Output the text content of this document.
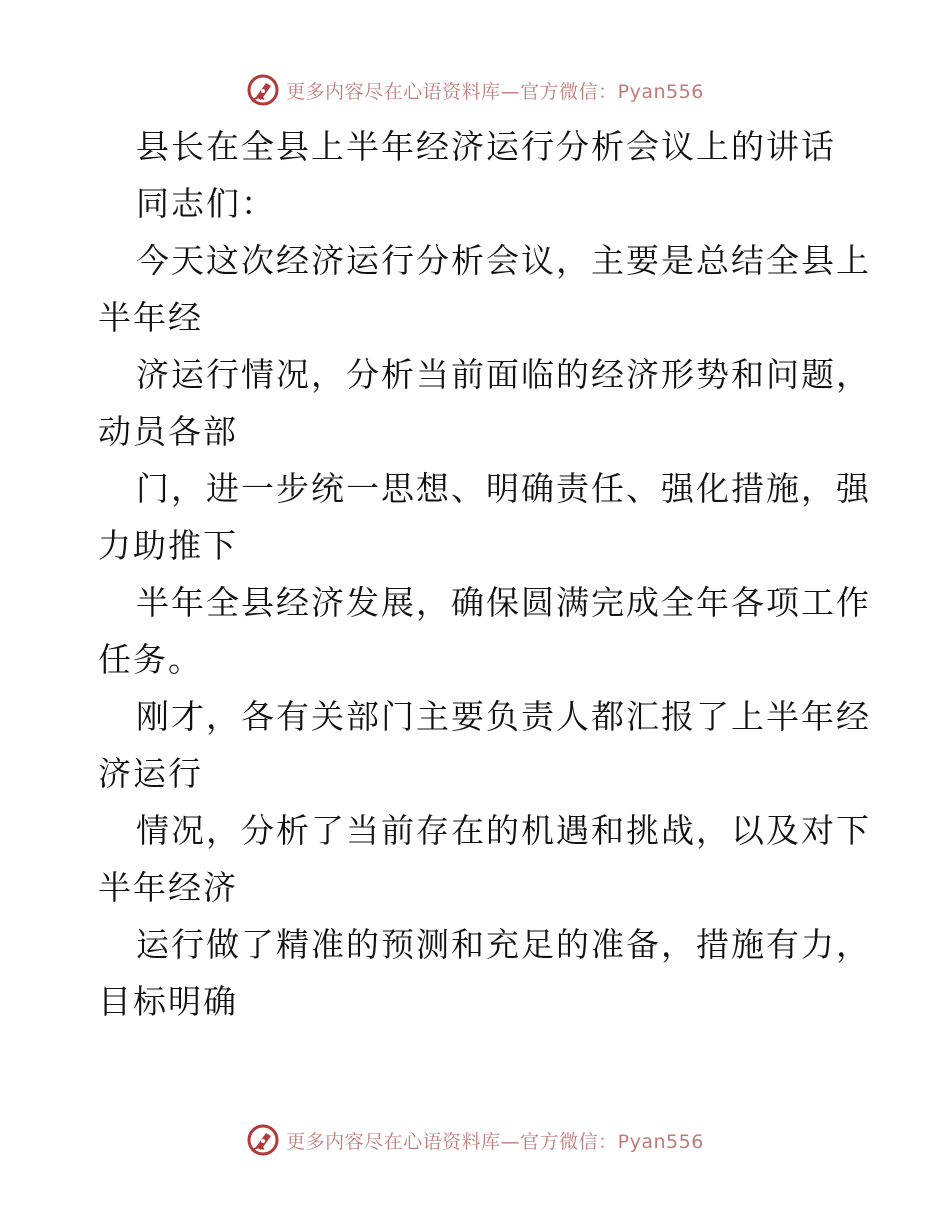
更多内容尽在心语资料库—官方微信：Pyan556
县长在全县上半年经济运行分析会议上的讲话
同志们：
今天这次经济运行分析会议，主要是总结全县上
半年经
济运行情况，分析当前面临的经济形势和问题，
动员各部
门，进一步统一思想、明确责任、强化措施，强
力助推下
半年全县经济发展，确保圆满完成全年各项工作
任务。
刚才，各有关部门主要负责人都汇报了上半年经
济运行
情况，分析了当前存在的机遇和挑战，以及对下
半年经济
运行做了精准的预测和充足的准备，措施有力，
目标明确
更多内容尽在心语资料库—官方微信：Pyan556
